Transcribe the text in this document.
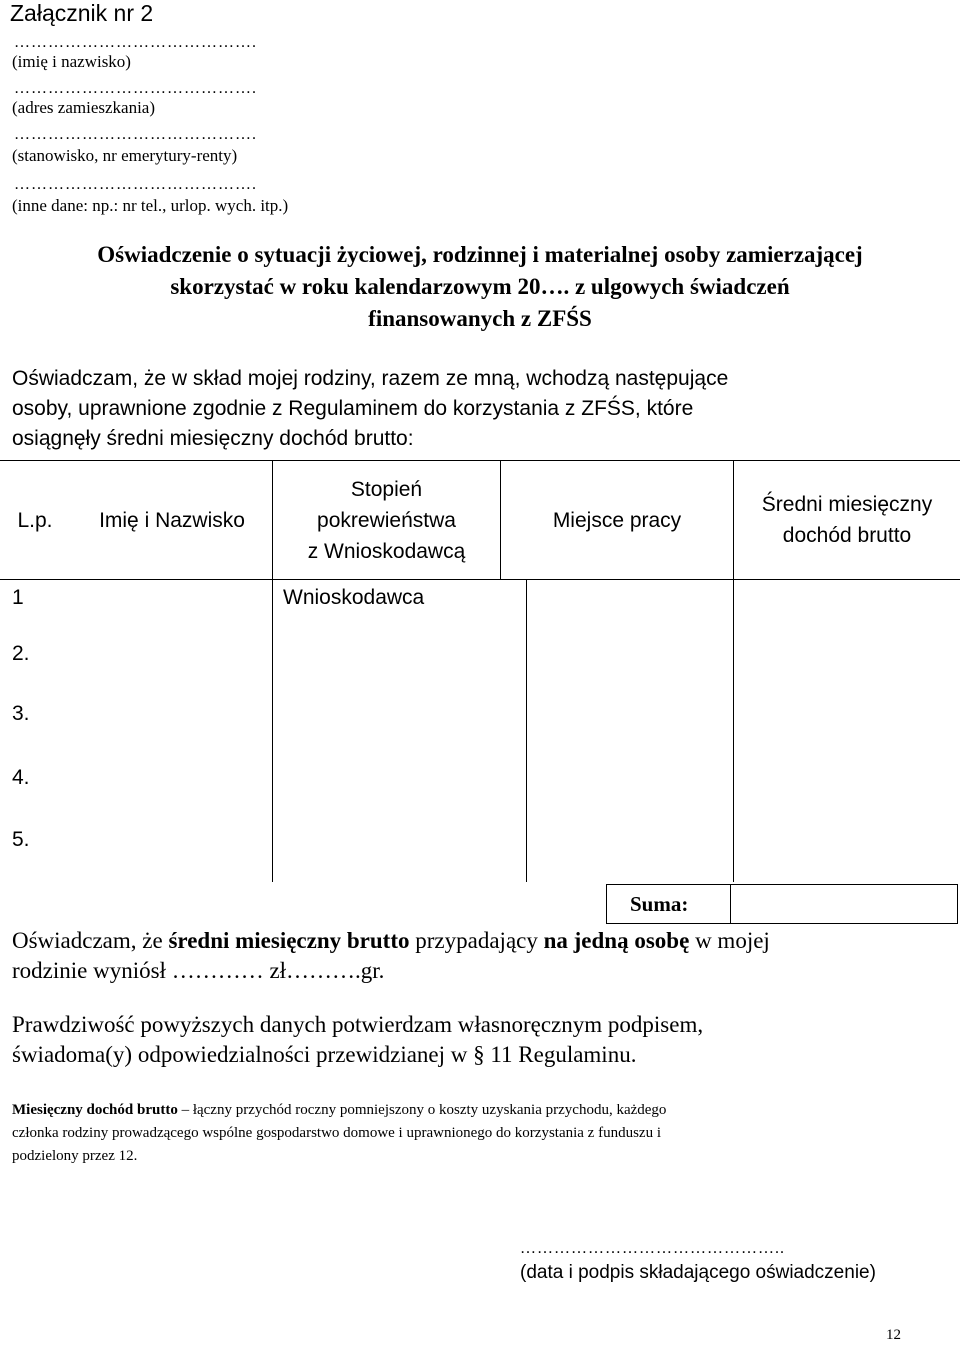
Załącznik nr 2
…………………………………….
(imię i nazwisko)
…………………………………….
(adres zamieszkania)
…………………………………….
(stanowisko, nr emerytury-renty)
…………………………………….
(inne dane: np.: nr tel., urlop. wych. itp.)
Oświadczenie o sytuacji życiowej, rodzinnej i materialnej osoby zamierzającej
skorzystać w roku kalendarzowym 20…. z ulgowych świadczeń
finansowanych z ZFŚS
Oświadczam, że w skład mojej rodziny, razem ze mną, wchodzą następujące
osoby, uprawnione zgodnie z Regulaminem do korzystania z ZFŚS, które
osiągnęły średni miesięczny dochód brutto:
L.p.	Imię i Nazwisko
Stopień
pokrewieństwa
z Wnioskodawcą
Miejsce pracy
Średni miesięczny
dochód brutto
1	Wnioskodawca
2.
3.
4.
5.
Suma:
Oświadczam, że średni miesięczny brutto przypadający na jedną osobę w mojej
rodzinie wyniósł ………… zł……….gr.
Prawdziwość powyższych danych potwierdzam własnoręcznym podpisem,
świadoma(y) odpowiedzialności przewidzianej w § 11 Regulaminu.
Miesięczny dochód brutto – łączny przychód roczny pomniejszony o koszty uzyskania przychodu, każdego
członka rodziny prowadzącego wspólne gospodarstwo domowe i uprawnionego do korzystania z funduszu i
podzielony przez 12.
………………………………………..
(data i podpis składającego oświadczenie)
12
